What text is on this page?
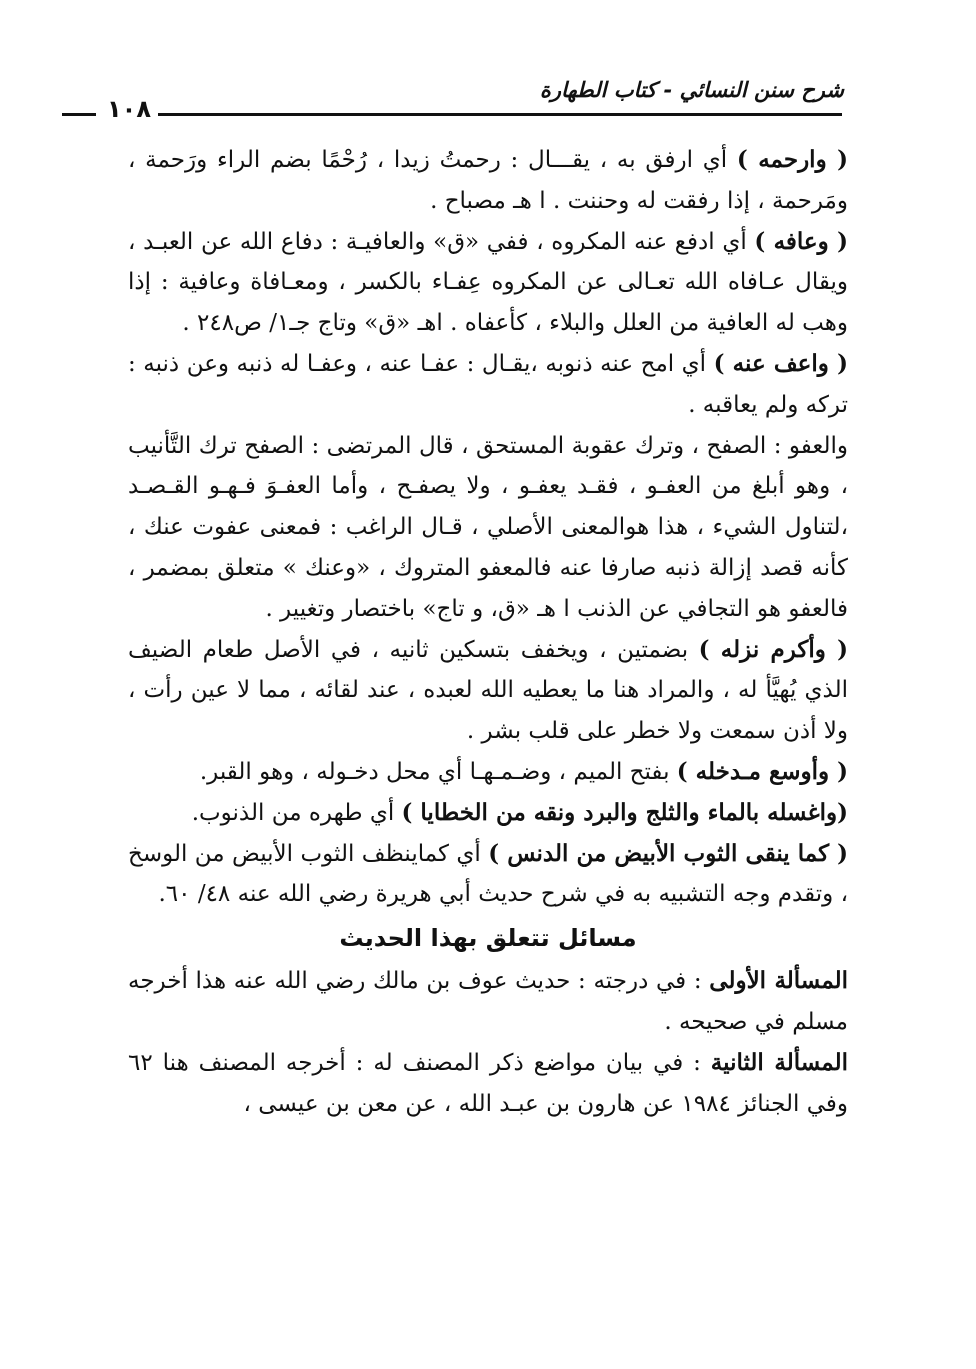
شرح سنن النسائي - كتاب الطهارة
١٠٨

( وارحمه ) أي ارفق به ، يقـــال : رحمتُ زيدا ، رُحْمًا بضم الراء ورَحمة ، ومَرحمة ، إذا رفقت له وحننت . ا هـ مصباح .

( وعافه ) أي ادفع عنه المكروه ، ففي «ق» والعافيـة : دفاع الله عن العبـد ، ويقال عـافاه الله تعـالى عن المكروه عِفـاء بالكسر ، ومعـافاة وعافية : إذا وهب له العافية من العلل والبلاء ، كأعفاه . اهـ «ق» وتاج جـ١/ ص٢٤٨ .

( واعف عنه ) أي امح عنه ذنوبه ،يقـال : عفـا عنه ، وعفـا له ذنبه وعن ذنبه : تركه ولم يعاقبه .

والعفو : الصفح ، وترك عقوبة المستحق ، قال المرتضى : الصفح ترك التَّأنيب ، وهو أبلغ من العفـو ، فقـد يعفـو ، ولا يصفـح ، وأما العفـوَ فـهـو القـصـد ،لتناول الشيء ، هذا هوالمعنى الأصلي ، قـال الراغب : فمعنى عفوت عنك ، كأنه قصد إزالة ذنبه صارفا عنه فالمعفو المتروك ، «وعنك » متعلق بمضمر ، فالعفو هو التجافي عن الذنب ا هـ «ق، و تاج» باختصار وتغيير .

( وأكرم نزله ) بضمتين ، ويخفف بتسكين ثانيه ، في الأصل طعام الضيف الذي يُهيَّأ له ، والمراد هنا ما يعطيه الله لعبده ، عند لقائه ، مما لا عين رأت ، ولا أذن سمعت ولا خطر على قلب بشر .

( وأوسع مـدخله ) بفتح الميم ، وضـمـهـا أي محل دخـوله ، وهو القبر.

(واغسله بالماء والثلج والبرد ونقه من الخطايا ) أي طهره من الذنوب.

( كما ينقى الثوب الأبيض من الدنس ) أي كماينظف الثوب الأبيض من الوسخ ، وتقدم وجه التشبيه به في شرح حديث أبي هريرة رضي الله عنه ٤٨/ ٦٠.

مسائل تتعلق بهذا الحديث

المسألة الأولى : في درجته : حديث عوف بن مالك رضي الله عنه هذا أخرجه مسلم في صحيحه .

المسألة الثانية : في بيان مواضع ذكر المصنف له : أخرجه المصنف هنا ٦٢ وفي الجنائز ١٩٨٤ عن هارون بن عبـد الله ، عن معن بن عيسى ،
